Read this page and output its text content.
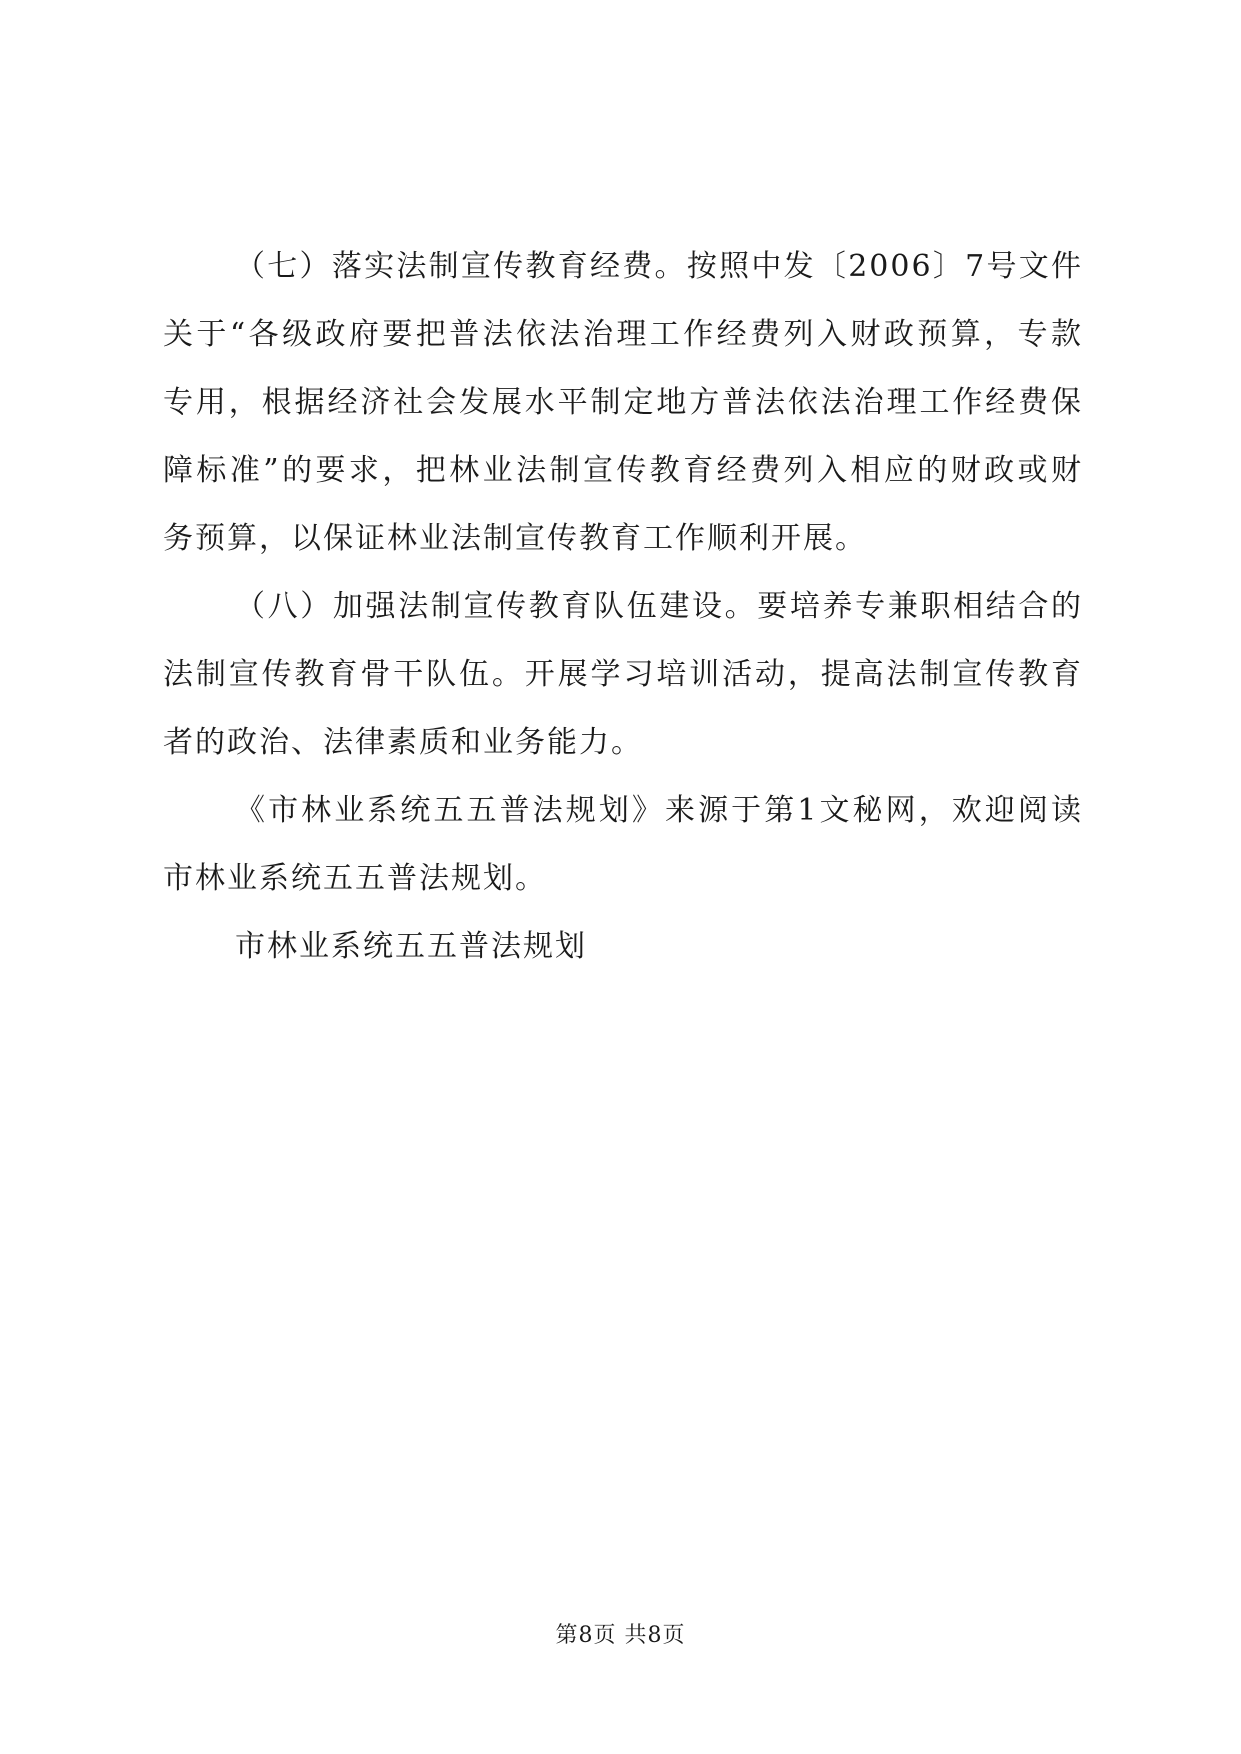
（七）落实法制宣传教育经费。按照中发〔2006〕7号文件
关于“各级政府要把普法依法治理工作经费列入财政预算，专款
专用，根据经济社会发展水平制定地方普法依法治理工作经费保
障标准”的要求，把林业法制宣传教育经费列入相应的财政或财
务预算，以保证林业法制宣传教育工作顺利开展。
（八）加强法制宣传教育队伍建设。要培养专兼职相结合的
法制宣传教育骨干队伍。开展学习培训活动，提高法制宣传教育
者的政治、法律素质和业务能力。
《市林业系统五五普法规划》来源于第1文秘网，欢迎阅读
市林业系统五五普法规划。
市林业系统五五普法规划
第8页 共8页
